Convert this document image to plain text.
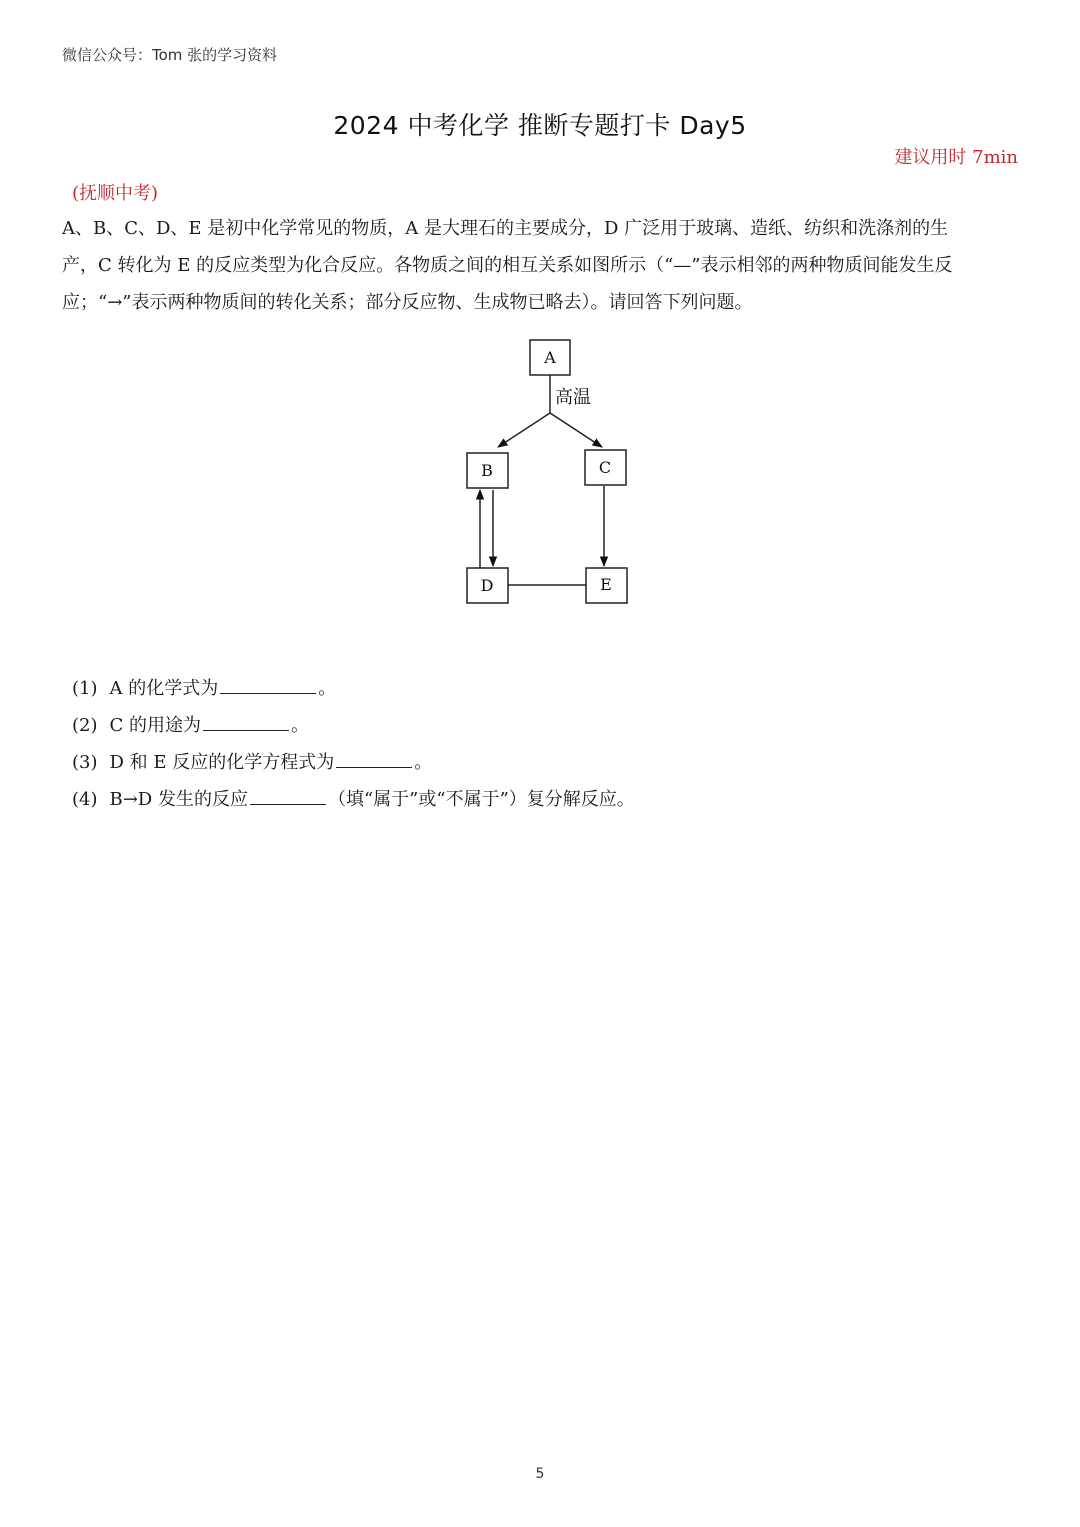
微信公众号：Tom 张的学习资料
2024 中考化学 推断专题打卡 Day5
建议用时 7min
(抚顺中考)

A、B、C、D、E 是初中化学常见的物质，A 是大理石的主要成分，D 广泛用于玻璃、造纸、纺织和洗涤剂的生

产，C 转化为 E 的反应类型为化合反应。各物质之间的相互关系如图所示（“—”表示相邻的两种物质间能发生反

应；“→”表示两种物质间的转化关系；部分反应物、生成物已略去）。请回答下列问题。

A
B	C
D	E
高温
(1) A 的化学式为	。
(2) C 的用途为	。
(3) D 和 E 反应的化学方程式为	。
(4) B→D 发生的反应	（填“属于”或“不属于”）复分解反应。
5
